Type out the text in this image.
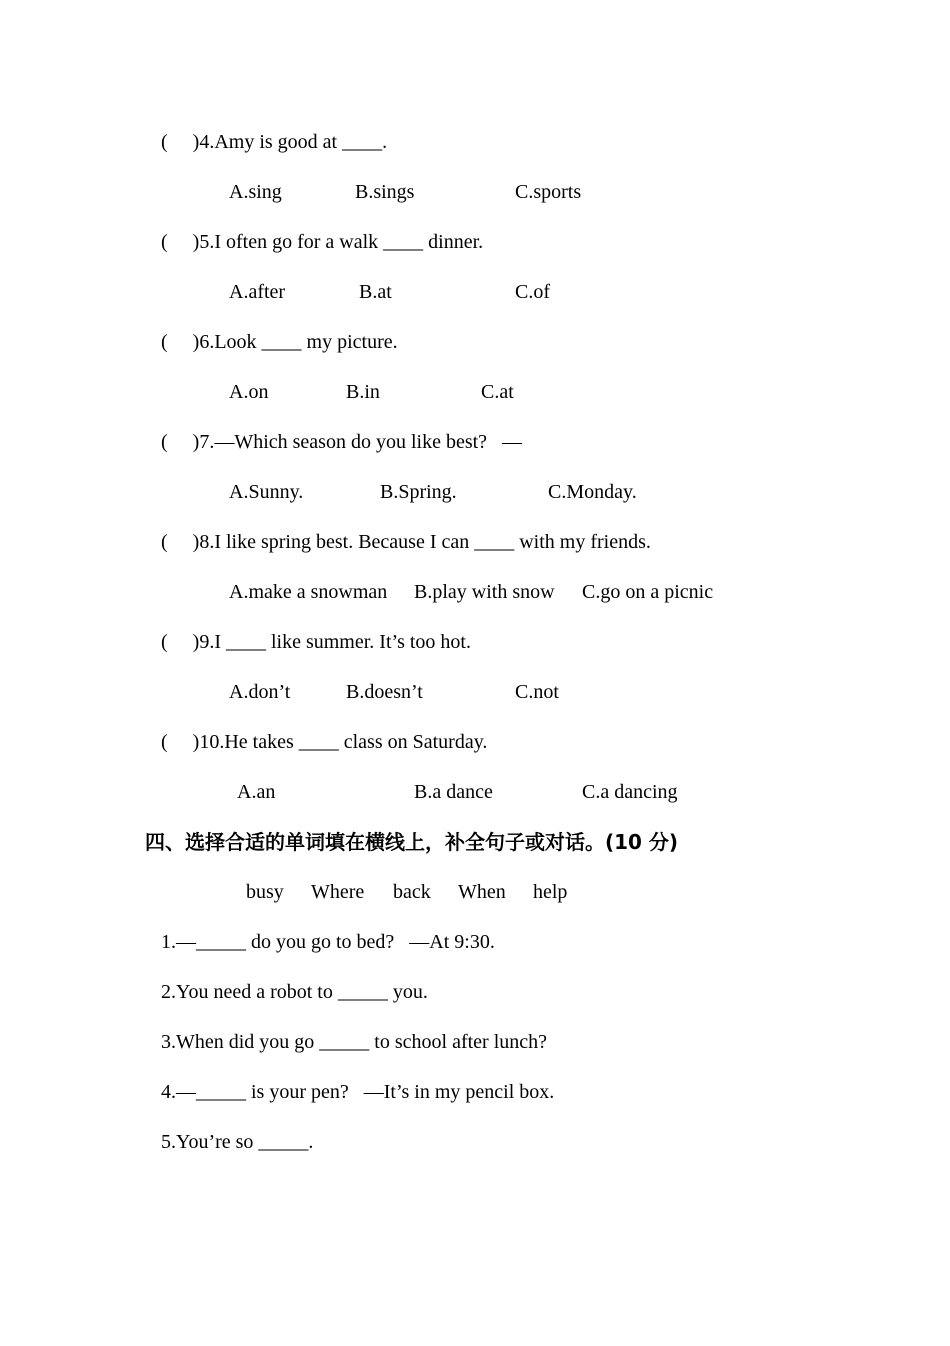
(     )4.Amy is good at ____.
A.sing	B.sings	C.sports
(     )5.I often go for a walk ____ dinner.
A.after	B.at	C.of
(     )6.Look ____ my picture.
A.on	B.in	C.at
(     )7.—Which season do you like best?   —
A.Sunny.	B.Spring.	C.Monday.
(     )8.I like spring best. Because I can ____ with my friends.
A.make a snowman B.play with snow C.go on a picnic
(     )9.I ____ like summer. It’s too hot.
A.don’t	B.doesn’t	C.not
(     )10.He takes ____ class on Saturday.
A.an	B.a dance	C.a dancing
四、选择合适的单词填在横线上，补全句子或对话。(10 分)
busy Where back When help
1.—_____ do you go to bed?   —At 9:30.
2.You need a robot to _____ you.
3.When did you go _____ to school after lunch?
4.—_____ is your pen?   —It’s in my pencil box.
5.You’re so _____.
